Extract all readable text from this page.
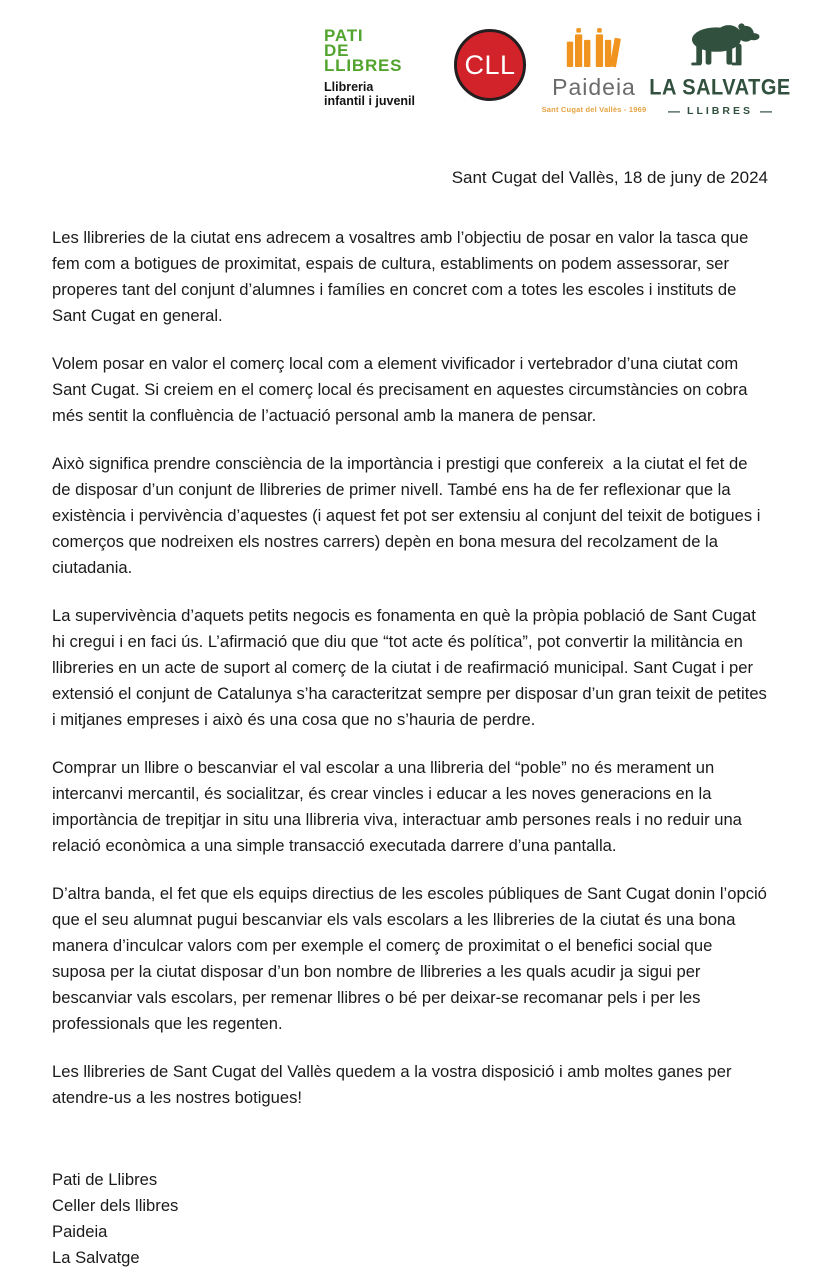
PATI
DE
LLIBRES
Llibreria
infantil i juvenil
CLL
Paideia
Sant Cugat del Vallès - 1969
LA SALVATGE
— LLIBRES —
Sant Cugat del Vallès, 18 de juny de 2024
Les llibreries de la ciutat ens adrecem a vosaltres amb l’objectiu de posar en valor la tasca que fem com a botigues de proximitat, espais de cultura, establiments on podem assessorar, ser properes tant del conjunt d’alumnes i famílies en concret com a totes les escoles i instituts de Sant Cugat en general.
Volem posar en valor el comerç local com a element vivificador i vertebrador d’una ciutat com Sant Cugat. Si creiem en el comerç local és precisament en aquestes circumstàncies on cobra més sentit la confluència de l’actuació personal amb la manera de pensar.
Això significa prendre consciència de la importància i prestigi que confereix  a la ciutat el fet de de disposar d’un conjunt de llibreries de primer nivell. També ens ha de fer reflexionar que la existència i pervivència d’aquestes (i aquest fet pot ser extensiu al conjunt del teixit de botigues i comerços que nodreixen els nostres carrers) depèn en bona mesura del recolzament de la ciutadania.
La supervivència d’aquets petits negocis es fonamenta en què la pròpia població de Sant Cugat hi cregui i en faci ús. L’afirmació que diu que “tot acte és política”, pot convertir la militància en llibreries en un acte de suport al comerç de la ciutat i de reafirmació municipal. Sant Cugat i per extensió el conjunt de Catalunya s’ha caracteritzat sempre per disposar d’un gran teixit de petites i mitjanes empreses i això és una cosa que no s’hauria de perdre.
Comprar un llibre o bescanviar el val escolar a una llibreria del “poble” no és merament un intercanvi mercantil, és socialitzar, és crear vincles i educar a les noves generacions en la importància de trepitjar in situ una llibreria viva, interactuar amb persones reals i no reduir una relació econòmica a una simple transacció executada darrere d’una pantalla.
D’altra banda, el fet que els equips directius de les escoles públiques de Sant Cugat donin l’opció que el seu alumnat pugui bescanviar els vals escolars a les llibreries de la ciutat és una bona manera d’inculcar valors com per exemple el comerç de proximitat o el benefici social que suposa per la ciutat disposar d’un bon nombre de llibreries a les quals acudir ja sigui per bescanviar vals escolars, per remenar llibres o bé per deixar-se recomanar pels i per les professionals que les regenten.
Les llibreries de Sant Cugat del Vallès quedem a la vostra disposició i amb moltes ganes per atendre-us a les nostres botigues!
Pati de Llibres
Celler dels llibres
Paideia
La Salvatge
